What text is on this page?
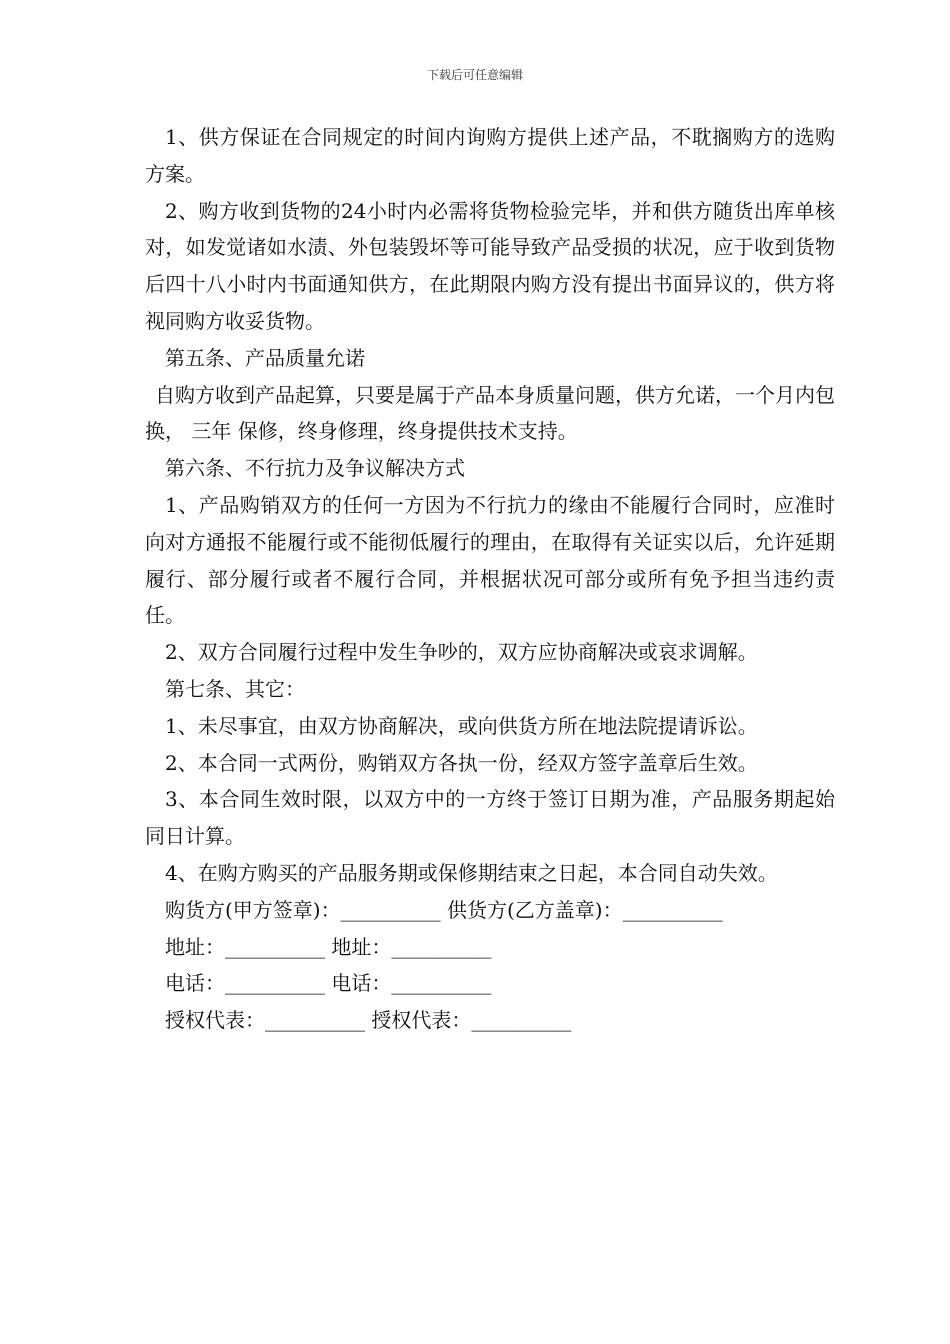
下载后可任意编辑

1、供方保证在合同规定的时间内询购方提供上述产品，不耽搁购方的选购方案。

2、购方收到货物的24小时内必需将货物检验完毕，并和供方随货出库单核对，如发觉诸如水渍、外包装毁坏等可能导致产品受损的状况，应于收到货物后四十八小时内书面通知供方，在此期限内购方没有提出书面异议的，供方将视同购方收妥货物。

第五条、产品质量允诺

自购方收到产品起算，只要是属于产品本身质量问题，供方允诺，一个月内包换， 三年 保修，终身修理，终身提供技术支持。

第六条、不行抗力及争议解决方式

1、产品购销双方的任何一方因为不行抗力的缘由不能履行合同时，应准时向对方通报不能履行或不能彻低履行的理由，在取得有关证实以后，允许延期履行、部分履行或者不履行合同，并根据状况可部分或所有免予担当违约责任。

2、双方合同履行过程中发生争吵的，双方应协商解决或哀求调解。

第七条、其它：

1、未尽事宜，由双方协商解决，或向供货方所在地法院提请诉讼。

2、本合同一式两份，购销双方各执一份，经双方签字盖章后生效。

3、本合同生效时限，以双方中的一方终于签订日期为准，产品服务期起始同日计算。

4、在购方购买的产品服务期或保修期结束之日起，本合同自动失效。

购货方(甲方签章)：__________ 供货方(乙方盖章)：__________

地址：__________ 地址：__________

电话：__________ 电话：__________

授权代表：__________ 授权代表：__________
